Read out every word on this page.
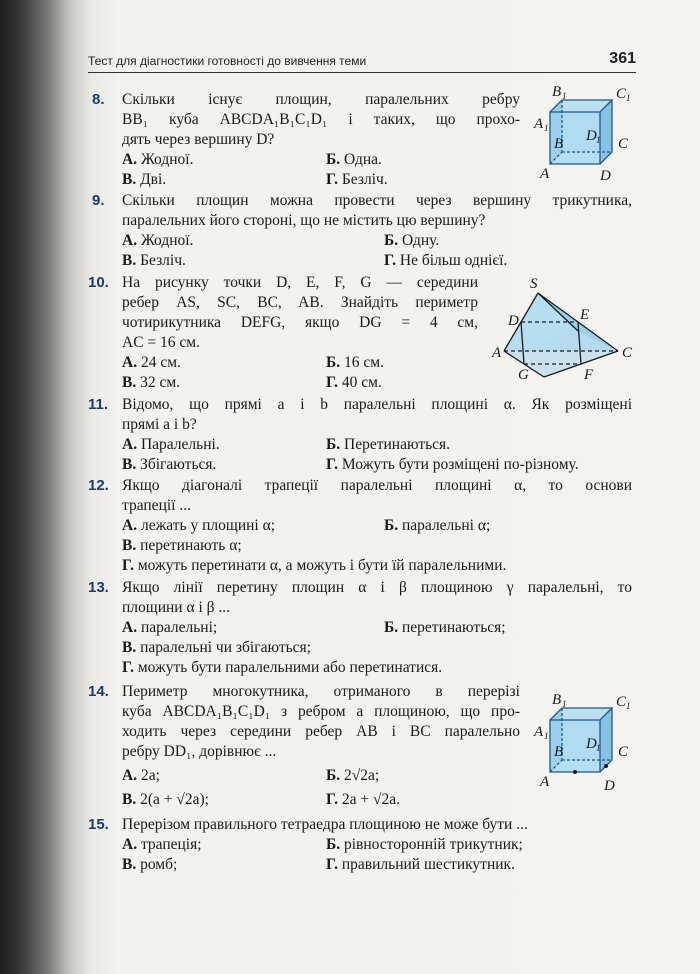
Тест для діагностики готовності до вивчення теми	361
8. Скільки існує площин, паралельних ребру
BB₁ куба ABCDA₁B₁C₁D₁ і таких, що прохо-
дять через вершину D?
А. Жодної.	Б. Одна.
В. Дві.	Г. Безліч.
B 1	C 1
A 1	D 1
B	C
A	D
9. Скільки площин можна провести через вершину трикутника,
паралельних його стороні, що не містить цю вершину?
А. Жодної.	Б. Одну.
В. Безліч.	Г. Не більш однієї.
10. На рисунку точки D, E, F, G — середини
ребер AS, SC, BC, AB. Знайдіть периметр
чотирикутника DEFG, якщо DG = 4 см,
AC = 16 см.
А. 24 см.	Б. 16 см.
В. 32 см.	Г. 40 см.
S
D	E
A	C
G	F
11. Відомо, що прямі a і b паралельні площині α. Як розміщені
прямі a і b?
А. Паралельні.	Б. Перетинаються.
В. Збігаються.	Г. Можуть бути розміщені по-різному.
12. Якщо діагоналі трапеції паралельні площині α, то основи
трапеції ...
А. лежать у площині α;	Б. паралельні α;
В. перетинають α;
Г. можуть перетинати α, а можуть і бути їй паралельними.
13. Якщо лінії перетину площин α і β площиною γ паралельні, то
площини α і β ...
А. паралельні;	Б. перетинаються;
В. паралельні чи збігаються;
Г. можуть бути паралельними або перетинатися.
14. Периметр многокутника, отриманого в перерізі
куба ABCDA₁B₁C₁D₁ з ребром a площиною, що про-
ходить через середини ребер AB і BC паралельно
ребру DD₁, дорівнює ...
А. 2a;	Б. 2√2a;
В. 2(a + √2a);	Г. 2a + √2a.
B 1	C 1
A 1	D 1
B	C
A	D
15. Перерізом правильного тетраедра площиною не може бути ...
А. трапеція;	Б. рівносторонній трикутник;
В. ромб;	Г. правильний шестикутник.
